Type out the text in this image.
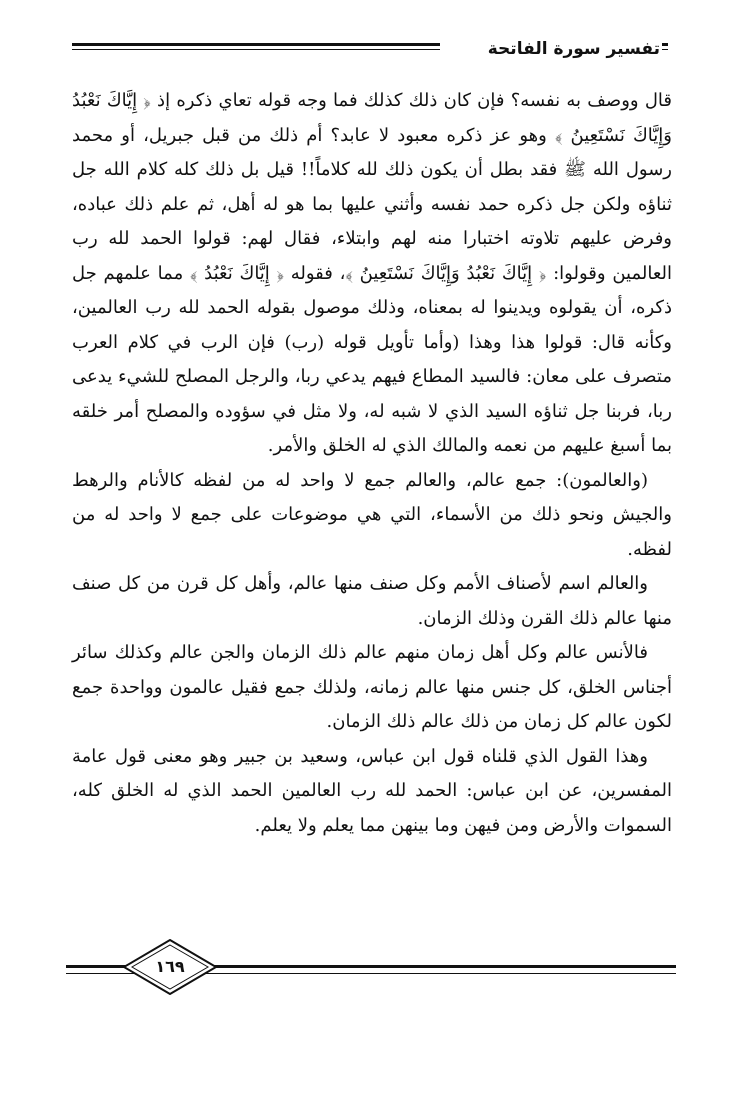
تفسير سورة الفاتحة

قال ووصف به نفسه؟ فإن كان ذلك كذلك فما وجه قوله تعاي ذكره إذ ﴿ إِيَّاكَ نَعْبُدُ وَإِيَّاكَ نَسْتَعِينُ ﴾ وهو عز ذكره معبود لا عابد؟ أم ذلك من قبل جبريل، أو محمد رسول الله ﷺ فقد بطل أن يكون ذلك لله كلاماً!! قيل بل ذلك كله كلام الله جل ثناؤه ولكن جل ذكره حمد نفسه وأثني عليها بما هو له أهل، ثم علم ذلك عباده، وفرض عليهم تلاوته اختبارا منه لهم وابتلاء، فقال لهم: قولوا الحمد لله رب العالمين وقولوا: ﴿ إِيَّاكَ نَعْبُدُ وَإِيَّاكَ نَسْتَعِينُ ﴾، فقوله ﴿ إِيَّاكَ نَعْبُدُ ﴾ مما علمهم جل ذكره، أن يقولوه ويدينوا له بمعناه، وذلك موصول بقوله الحمد لله رب العالمين، وكأنه قال: قولوا هذا وهذا (وأما تأويل قوله (رب) فإن الرب في كلام العرب متصرف على معان: فالسيد المطاع فيهم يدعي ربا، والرجل المصلح للشيء يدعى ربا، فربنا جل ثناؤه السيد الذي لا شبه له، ولا مثل في سؤوده والمصلح أمر خلقه بما أسبغ عليهم من نعمه والمالك الذي له الخلق والأمر.

(والعالمون): جمع عالم، والعالم جمع لا واحد له من لفظه كالأنام والرهط والجيش ونحو ذلك من الأسماء، التي هي موضوعات على جمع لا واحد له من لفظه.

والعالم اسم لأصناف الأمم وكل صنف منها عالم، وأهل كل قرن من كل صنف منها عالم ذلك القرن وذلك الزمان.

فالأنس عالم وكل أهل زمان منهم عالم ذلك الزمان والجن عالم وكذلك سائر أجناس الخلق، كل جنس منها عالم زمانه، ولذلك جمع فقيل عالمون وواحدة جمع لكون عالم كل زمان من ذلك عالم ذلك الزمان.

وهذا القول الذي قلناه قول ابن عباس، وسعيد بن جبير وهو معنى قول عامة المفسرين، عن ابن عباس: الحمد لله رب العالمين الحمد الذي له الخلق كله، السموات والأرض ومن فيهن وما بينهن مما يعلم ولا يعلم.

١٦٩
